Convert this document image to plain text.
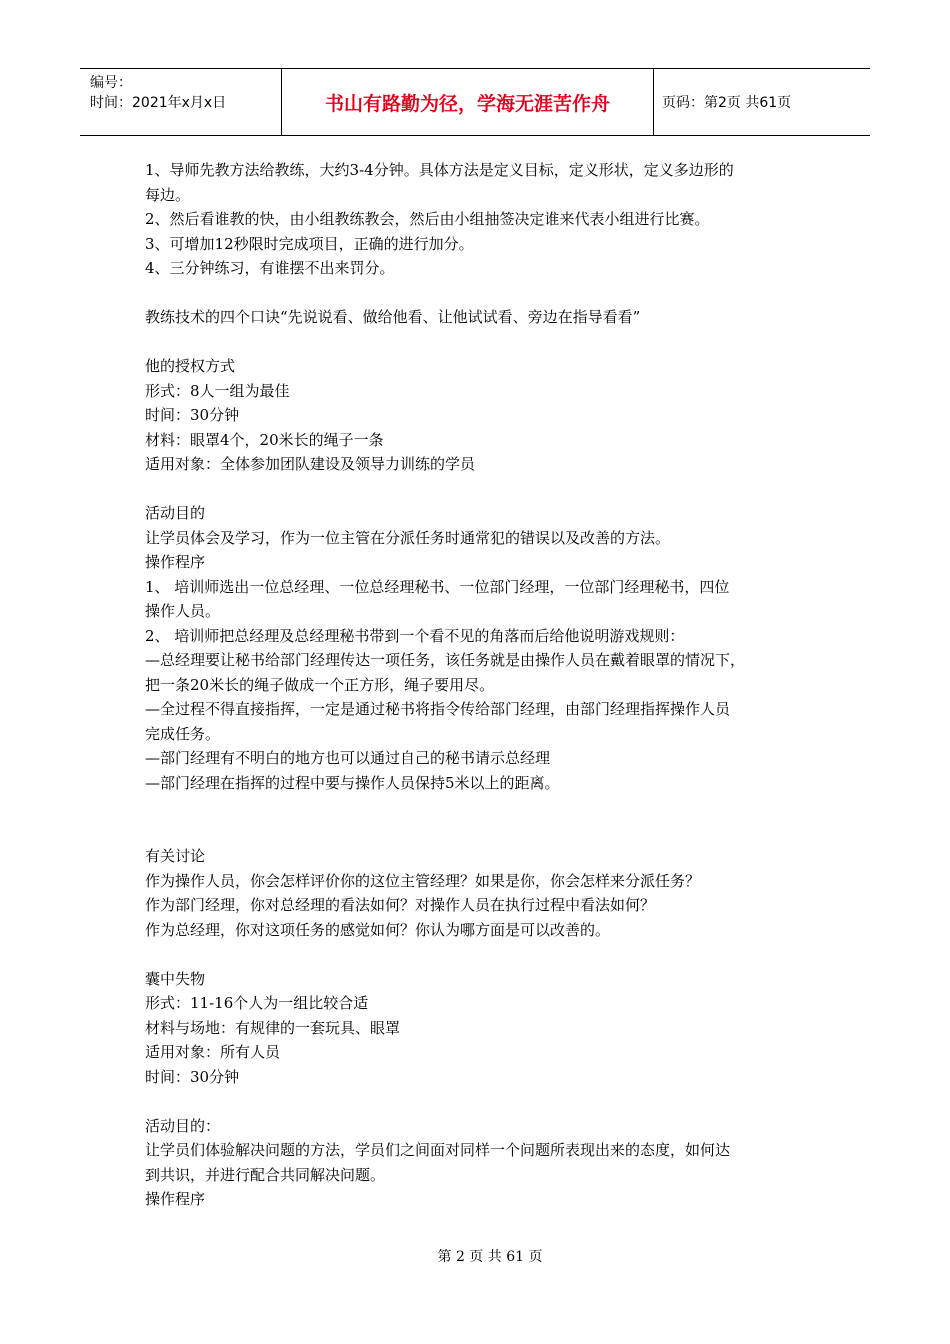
编号：
时间：2021年x月x日	书山有路勤为径，学海无涯苦作舟	页码：第2页 共61页

1、导师先教方法给教练，大约3-4分钟。具体方法是定义目标，定义形状，定义多边形的

每边。

2、然后看谁教的快，由小组教练教会，然后由小组抽签决定谁来代表小组进行比赛。

3、可增加12秒限时完成项目，正确的进行加分。

4、三分钟练习，有谁摆不出来罚分。

教练技术的四个口诀“先说说看、做给他看、让他试试看、旁边在指导看看”

他的授权方式

形式：8人一组为最佳

时间：30分钟

材料：眼罩4个，20米长的绳子一条

适用对象：全体参加团队建设及领导力训练的学员

活动目的

让学员体会及学习，作为一位主管在分派任务时通常犯的错误以及改善的方法。

操作程序

1、 培训师选出一位总经理、一位总经理秘书、一位部门经理，一位部门经理秘书，四位

操作人员。

2、 培训师把总经理及总经理秘书带到一个看不见的角落而后给他说明游戏规则：

—总经理要让秘书给部门经理传达一项任务，该任务就是由操作人员在戴着眼罩的情况下，

把一条20米长的绳子做成一个正方形，绳子要用尽。

—全过程不得直接指挥，一定是通过秘书将指令传给部门经理，由部门经理指挥操作人员

完成任务。

—部门经理有不明白的地方也可以通过自己的秘书请示总经理

—部门经理在指挥的过程中要与操作人员保持5米以上的距离。

有关讨论

作为操作人员，你会怎样评价你的这位主管经理？如果是你，你会怎样来分派任务？

作为部门经理，你对总经理的看法如何？对操作人员在执行过程中看法如何？

作为总经理，你对这项任务的感觉如何？你认为哪方面是可以改善的。

囊中失物

形式：11-16个人为一组比较合适

材料与场地：有规律的一套玩具、眼罩

适用对象：所有人员

时间：30分钟

活动目的：

让学员们体验解决问题的方法，学员们之间面对同样一个问题所表现出来的态度，如何达

到共识，并进行配合共同解决问题。

操作程序

第 2 页 共 61 页
